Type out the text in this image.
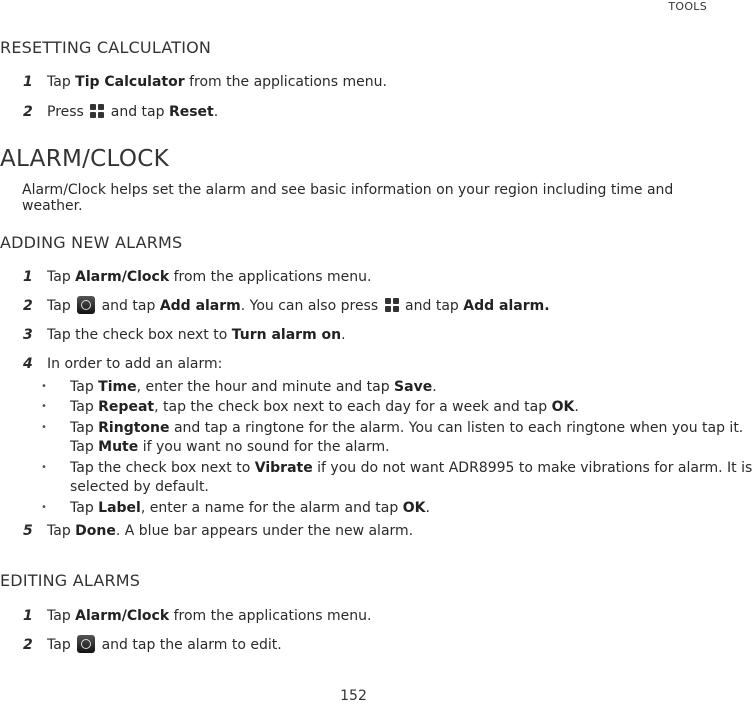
TOOLS
RESETTING CALCULATION
1 Tap Tip Calculator from the applications menu.
2 Press
and tap Reset.
ALARM/CLOCK
Alarm/Clock helps set the alarm and see basic information on your region including time and weather.
ADDING NEW ALARMS
1 Tap Alarm/Clock from the applications menu.
2 Tap  and tap Add alarm. You can also press
and tap Add alarm.
3 Tap the check box next to Turn alarm on.
4 In order to add an alarm:
• Tap Time, enter the hour and minute and tap Save.
• Tap Repeat, tap the check box next to each day for a week and tap OK.
• Tap Ringtone and tap a ringtone for the alarm. You can listen to each ringtone when you tap it.
Tap Mute if you want no sound for the alarm.
• Tap the check box next to Vibrate if you do not want ADR8995 to make vibrations for alarm. It is
selected by default.
• Tap Label, enter a name for the alarm and tap OK.
5 Tap Done. A blue bar appears under the new alarm.
EDITING ALARMS
1 Tap Alarm/Clock from the applications menu.
2 Tap  and tap the alarm to edit.
152
